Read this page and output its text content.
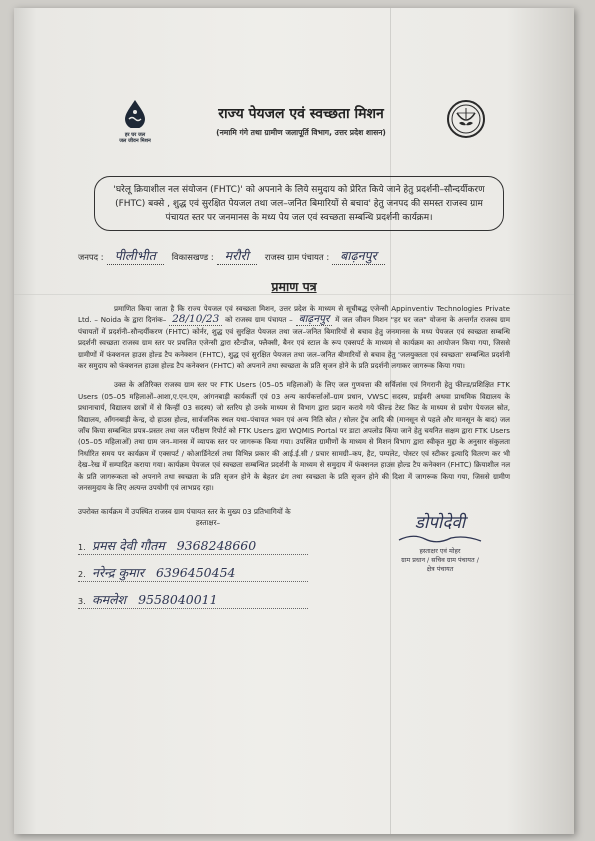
हर घर जल
जल जीवन मिशन
राज्य पेयजल एवं स्वच्छता मिशन
(नमामि गंगे तथा ग्रामीण जलापूर्ति विभाग, उत्तर प्रदेश शासन)
'घरेलू क्रियाशील नल संयोजन (FHTC)' को अपनाने के लिये समुदाय को प्रेरित किये जाने हेतु प्रदर्शनी–सौन्दर्यीकरण (FHTC) बक्से , शुद्ध एवं सुरक्षित पेयजल तथा जल–जनित बिमारियों से बचाव' हेतु जनपद की समस्त राजस्व ग्राम पंचायत स्तर पर जनमानस के मध्य पेय जल एवं स्वच्छता सम्बन्धि प्रदर्शनी कार्यक्रम।
जनपद : पीलीभीत	विकासखण्ड : मरौरी	राजस्व ग्राम पंचायत : बाढ़नपुर
प्रमाण पत्र

प्रमाणित किया जाता है कि राज्य पेयजल एवं स्वच्छता मिशन, उत्तर प्रदेश के माध्यम से सूचीबद्ध एजेन्सी Appinventiv Technologies Private Ltd. – Noida के द्वारा दिनांक– 28/10/23 को राजस्व ग्राम पंचायत – बाढ़नपुर में जल जीवन मिशन "हर घर जल" योजना के अन्तर्गत राजस्व ग्राम पंचायतों में प्रदर्शनी–सौन्दर्यीकरण (FHTC) कोर्नर, शुद्ध एवं सुरक्षित पेयजल तथा जल–जनित बिमारियों से बचाव हेतु जनमानस के मध्य पेयजल एवं स्वच्छता सम्बन्धि प्रदर्शनी स्वच्छता राजस्व ग्राम स्तर पर प्रचलित एजेन्सी द्वारा स्टैन्डीज, फ्लैक्सी, बैनर एवं स्टाल के रूप एक्सपर्ट के माध्यम से कार्यक्रम का आयोजन किया गया, जिससे ग्रामीणों में फंक्शनल हाउस होल्ड टैप कनेक्शन (FHTC), शुद्ध एवं सुरक्षित पेयजल तथा जल–जनित बीमारियों से बचाव हेतु 'जलयुक्तता एवं स्वच्छता' सम्बन्धित प्रदर्शनी कर समुदाय को फंक्शनल हाउस होल्ड टैप कनेक्शन (FHTC) को अपनाने तथा स्वच्छता के प्रति सृजन होने के प्रति प्रदर्शनी लगाकर जागरूक किया गया।

उक्त के अतिरिक्त राजस्व ग्राम स्तर पर FTK Users (05–05 महिलाओं) के लिए जल गुणवत्ता की सर्विलांस एवं निगरानी हेतु फील्ड/प्रशिक्षित FTK Users (05–05 महिलाओं–आशा,ए.एन.एम, आंगनबाड़ी कार्यकर्ती एवं 03 अन्य कार्यकर्त्ताओं–ग्राम प्रधान, VWSC सदस्य, प्राईवरी अथवा प्राथमिक विद्यालय के प्रधानाचार्य, विद्यालय छात्रों में से किन्हीं 03 सदस्य) जो स्तरिय हो उनके माध्यम से विभाग द्वारा प्रदान कराये गये फील्ड टेस्ट किट के माध्यम से प्रयोग पेयजल स्रोत, विद्यालय, आँगनबाड़ी केन्द्र, दो हाउस होल्ड, सार्वजनिक स्थल यथा–पंचायत भवन एवं अन्य निति स्रोत / सोलर ट्रेंच आदि की (मानसून से पहले और मानसून के बाद) जल जाँच किया सम्बन्धित प्रपत्र–प्रस्तर तथा जल परीक्षण रिपोर्ट को FTK Users द्वारा WQMIS Portal पर डाटा अपलोड किया जाने हेतु चयनित सक्षम द्वारा FTK Users (05–05 महिलाओं) तथा ग्राम जन–मानस में व्यापक स्तर पर जागरूक किया गया। उपस्थित ग्रामीणों के माध्यम से मिशन विभाग द्वारा स्वीकृत मुद्दा के अनुसार संकुलता निर्धारित समय पर कार्यक्रम में एक्सपर्ट / कोआर्डिनेटर्स तथा विभिन्न प्रकार की आई.ई.सी / प्रचार सामग्री–कप, हैट, पम्पलेट, पोस्टर एवं स्टीकर इत्यादि वितरण कर भी देख–रेख में सम्पादित कराया गया। कार्यक्रम पेयजल एवं स्वच्छता सम्बन्धित प्रदर्शनी के माध्यम से समुदाय में फंक्शनल हाउस होल्ड टैप कनेक्शन (FHTC) क्रियाशील नल के प्रति जागरूकता को अपनाने तथा स्वच्छता के प्रति सृजन होने के बेहतर ढंग तथा स्वच्छता के प्रति सृजन होने की दिशा में जागरूक किया गया, जिससे ग्रामीण जनसमुदाय के लिए अत्यन्त उपयोगी एवं लाभप्रद रहा।

उपरोक्त कार्यक्रम में उपस्थित राजस्व ग्राम पंचायत स्तर के मुख्य 03 प्रतिभागियों के
हस्ताक्षर–
1. प्रमस देवी गौतम 9368248660
2. नरेन्द्र कुमार 6396450454
3. कमलेश 9558040011
डोपोदेवी
हस्ताक्षर एवं मोहर
ग्राम प्रधान / सचिव ग्राम पंचायत /
क्षेत्र पंचायत
